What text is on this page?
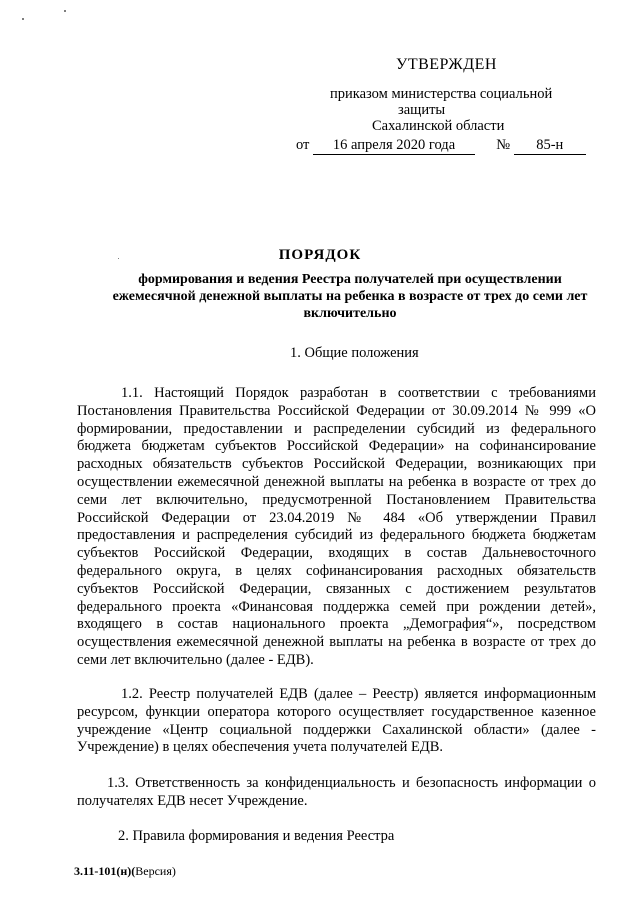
УТВЕРЖДЕН
приказом министерства социальной
защиты
Сахалинской области
от 16 апреля 2020 года	№ 85-н
ПОРЯДОК
формирования и ведения Реестра получателей при осуществлении ежемесячной денежной выплаты на ребенка в возрасте от трех до семи лет включительно
1. Общие положения

1.1. Настоящий Порядок разработан в соответствии с требованиями Постановления Правительства Российской Федерации от 30.09.2014 № 999 «О формировании, предоставлении и распределении субсидий из федерального бюджета бюджетам субъектов Российской Федерации» на софинансирование расходных обязательств субъектов Российской Федерации, возникающих при осуществлении ежемесячной денежной выплаты на ребенка в возрасте от трех до семи лет включительно, предусмотренной Постановлением Правительства Российской Федерации от 23.04.2019 № 484 «Об утверждении Правил предоставления и распределения субсидий из федерального бюджета бюджетам субъектов Российской Федерации, входящих в состав Дальневосточного федерального округа, в целях софинансирования расходных обязательств субъектов Российской Федерации, связанных с достижением результатов федерального проекта «Финансовая поддержка семей при рождении детей», входящего в состав национального проекта „Демография“», посредством осуществления ежемесячной денежной выплаты на ребенка в возрасте от трех до семи лет включительно (далее - ЕДВ).

1.2. Реестр получателей ЕДВ (далее – Реестр) является информационным ресурсом, функции оператора которого осуществляет государственное казенное учреждение «Центр социальной поддержки Сахалинской области» (далее - Учреждение) в целях обеспечения учета получателей ЕДВ.

1.3. Ответственность за конфиденциальность и безопасность информации о получателях ЕДВ несет Учреждение.

2. Правила формирования и ведения Реестра
3.11-101(н)(Версия)
